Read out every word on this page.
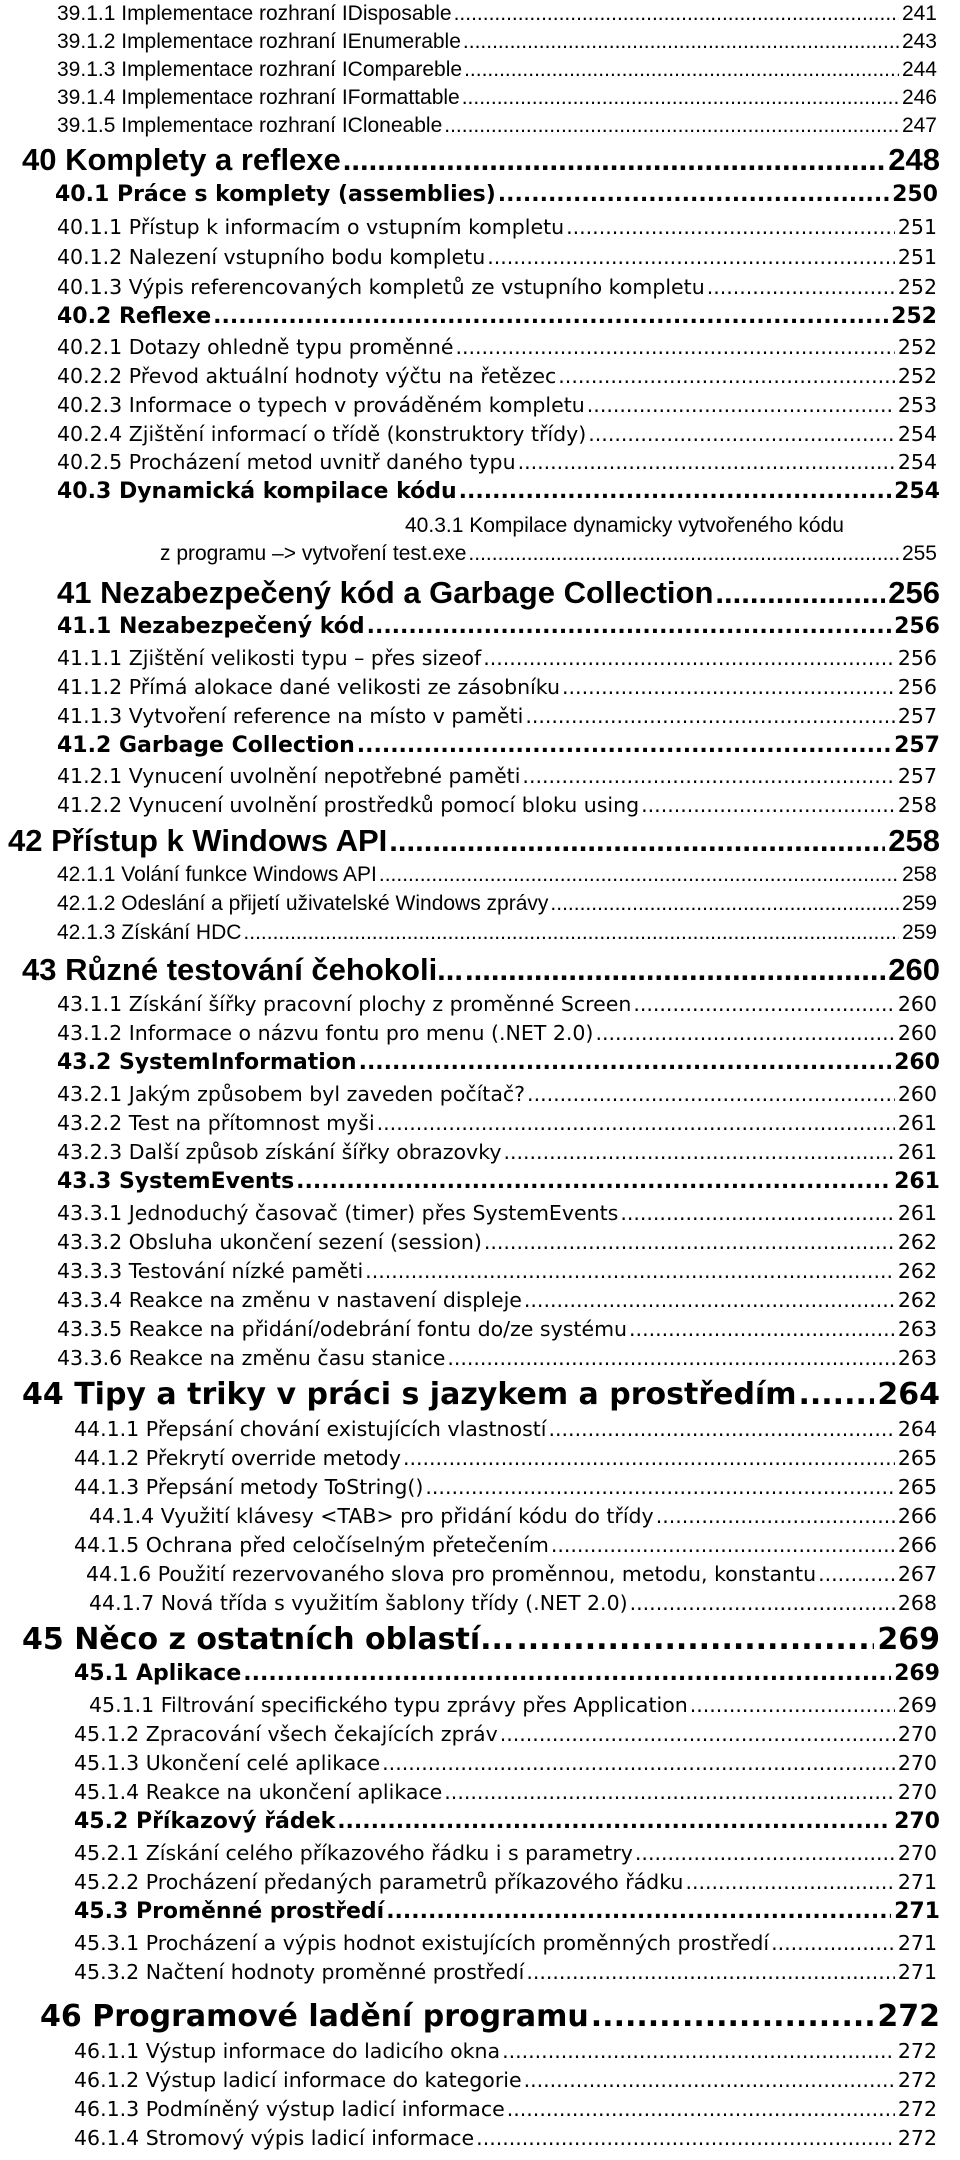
39.1.1 Implementace rozhraní IDisposable .....	241
39.1.2 Implementace rozhraní IEnumerable .....	243
39.1.3 Implementace rozhraní ICompareble .....	244
39.1.4 Implementace rozhraní IFormattable .....	246
39.1.5 Implementace rozhraní ICloneable .....	247
40 Komplety a reflexe .....	248
40.1 Práce s komplety (assemblies) .....	250
40.1.1 Přístup k informacím o vstupním kompletu .....	251
40.1.2 Nalezení vstupního bodu kompletu .....	251
40.1.3 Výpis referencovaných kompletů ze vstupního kompletu .....	252
40.2 Reflexe .....	252
40.2.1 Dotazy ohledně typu proměnné .....	252
40.2.2 Převod aktuální hodnoty výčtu na řetězec .....	252
40.2.3 Informace o typech v prováděném kompletu .....	253
40.2.4 Zjištění informací o třídě (konstruktory třídy) .....	254
40.2.5 Procházení metod uvnitř daného typu .....	254
40.3 Dynamická kompilace kódu .....	254
40.3.1 Kompilace dynamicky vytvořeného kódu
z programu –> vytvoření test.exe .....	255
41 Nezabezpečený kód a Garbage Collection .....	256
41.1 Nezabezpečený kód .....	256
41.1.1 Zjištění velikosti typu – přes sizeof .....	256
41.1.2 Přímá alokace dané velikosti ze zásobníku .....	256
41.1.3 Vytvoření reference na místo v paměti .....	257
41.2 Garbage Collection .....	257
41.2.1 Vynucení uvolnění nepotřebné paměti .....	257
41.2.2 Vynucení uvolnění prostředků pomocí bloku using .....	258
42 Přístup k Windows API .....	258
42.1.1 Volání funkce Windows API .....	258
42.1.2 Odeslání a přijetí uživatelské Windows zprávy .....	259
42.1.3 Získání HDC .....	259
43 Různé testování čehokoli... .....	260
43.1.1 Získání šířky pracovní plochy z proměnné Screen .....	260
43.1.2 Informace o názvu fontu pro menu (.NET 2.0) .....	260
43.2 SystemInformation .....	260
43.2.1 Jakým způsobem byl zaveden počítač? .....	260
43.2.2 Test na přítomnost myši .....	261
43.2.3 Další způsob získání šířky obrazovky .....	261
43.3 SystemEvents .....	261
43.3.1 Jednoduchý časovač (timer) přes SystemEvents .....	261
43.3.2 Obsluha ukončení sezení (session) .....	262
43.3.3 Testování nízké paměti .....	262
43.3.4 Reakce na změnu v nastavení displeje .....	262
43.3.5 Reakce na přidání/odebrání fontu do/ze systému .....	263
43.3.6 Reakce na změnu času stanice .....	263
44 Tipy a triky v práci s jazykem a prostředím .....	264
44.1.1 Přepsání chování existujících vlastností .....	264
44.1.2 Překrytí override metody .....	265
44.1.3 Přepsání metody ToString() .....	265
44.1.4 Využití klávesy <TAB> pro přidání kódu do třídy .....	266
44.1.5 Ochrana před celočíselným přetečením .....	266
44.1.6 Použití rezervovaného slova pro proměnnou, metodu, konstantu .....	267
44.1.7 Nová třída s využitím šablony třídy (.NET 2.0) .....	268
45 Něco z ostatních oblastí... .....	269
45.1 Aplikace .....	269
45.1.1 Filtrování specifického typu zprávy přes Application .....	269
45.1.2 Zpracování všech čekajících zpráv .....	270
45.1.3 Ukončení celé aplikace .....	270
45.1.4 Reakce na ukončení aplikace .....	270
45.2 Příkazový řádek .....	270
45.2.1 Získání celého příkazového řádku i s parametry .....	270
45.2.2 Procházení předaných parametrů příkazového řádku .....	271
45.3 Proměnné prostředí .....	271
45.3.1 Procházení a výpis hodnot existujících proměnných prostředí .....	271
45.3.2 Načtení hodnoty proměnné prostředí .....	271
46 Programové ladění programu .....	272
46.1.1 Výstup informace do ladicího okna .....	272
46.1.2 Výstup ladicí informace do kategorie .....	272
46.1.3 Podmíněný výstup ladicí informace .....	272
46.1.4 Stromový výpis ladicí informace .....	272
